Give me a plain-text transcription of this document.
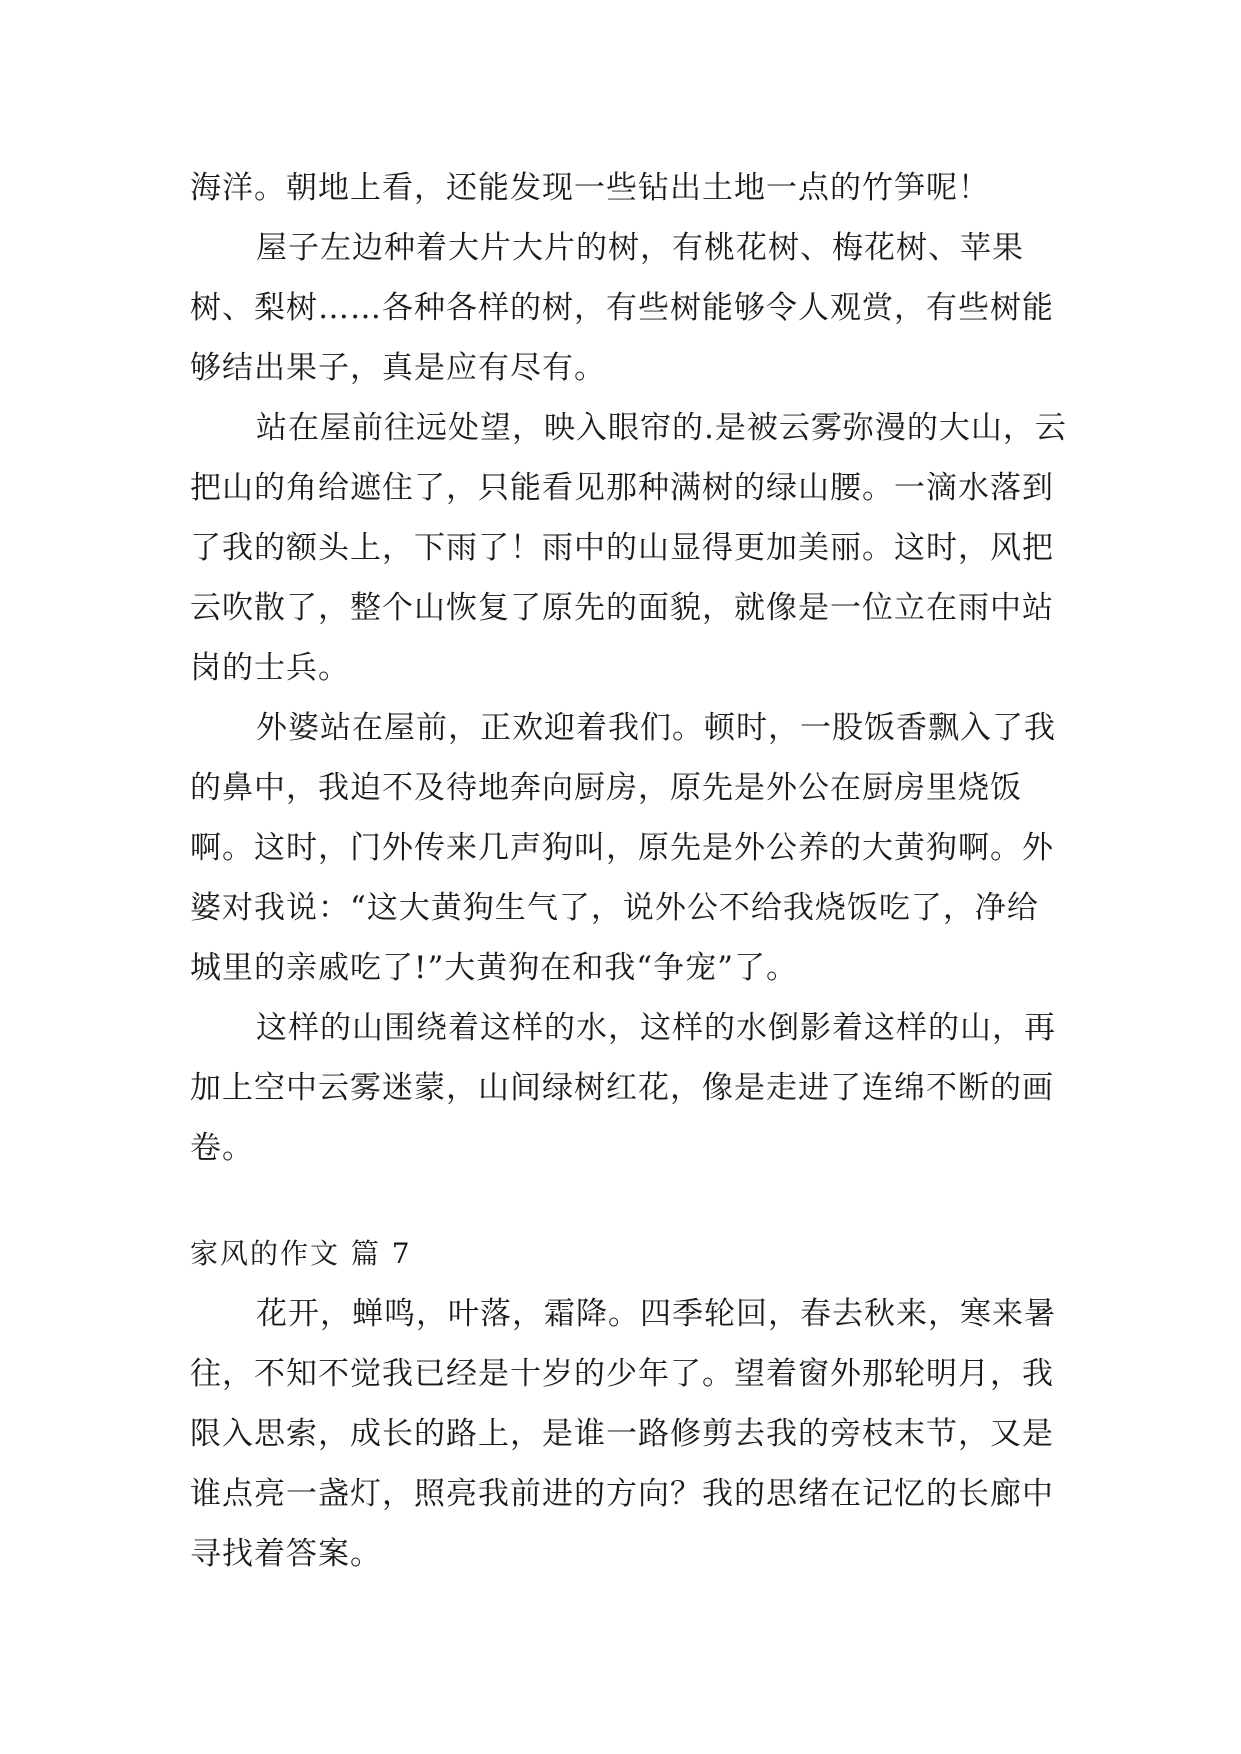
海洋。朝地上看，还能发现一些钻出土地一点的竹笋呢！

屋子左边种着大片大片的树，有桃花树、梅花树、苹果树、梨树……各种各样的树，有些树能够令人观赏，有些树能够结出果子，真是应有尽有。

站在屋前往远处望，映入眼帘的.是被云雾弥漫的大山，云把山的角给遮住了，只能看见那种满树的绿山腰。一滴水落到了我的额头上，下雨了！雨中的山显得更加美丽。这时，风把云吹散了，整个山恢复了原先的面貌，就像是一位立在雨中站岗的士兵。

外婆站在屋前，正欢迎着我们。顿时，一股饭香飘入了我的鼻中，我迫不及待地奔向厨房，原先是外公在厨房里烧饭啊。这时，门外传来几声狗叫，原先是外公养的大黄狗啊。外婆对我说：“这大黄狗生气了，说外公不给我烧饭吃了，净给城里的亲戚吃了!”大黄狗在和我“争宠”了。

这样的山围绕着这样的水，这样的水倒影着这样的山，再加上空中云雾迷蒙，山间绿树红花，像是走进了连绵不断的画卷。

家风的作文 篇 7

花开，蝉鸣，叶落，霜降。四季轮回，春去秋来，寒来暑往，不知不觉我已经是十岁的少年了。望着窗外那轮明月，我限入思索，成长的路上，是谁一路修剪去我的旁枝末节，又是谁点亮一盏灯，照亮我前进的方向？我的思绪在记忆的长廊中寻找着答案。
